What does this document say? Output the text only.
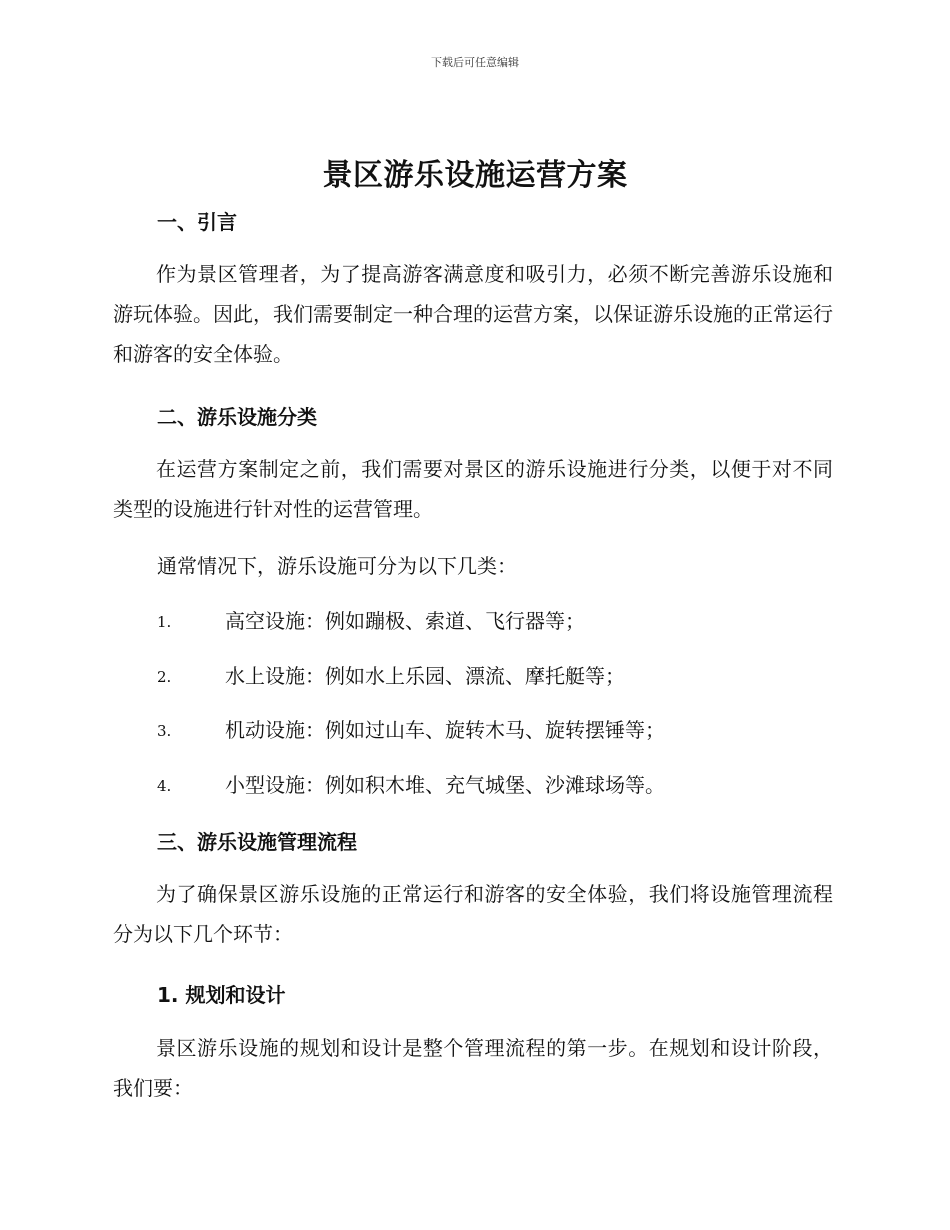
下载后可任意编辑
景区游乐设施运营方案
一、引言

作为景区管理者，为了提高游客满意度和吸引力，必须不断完善游乐设施和游玩体验。因此，我们需要制定一种合理的运营方案，以保证游乐设施的正常运行和游客的安全体验。

二、游乐设施分类

在运营方案制定之前，我们需要对景区的游乐设施进行分类，以便于对不同类型的设施进行针对性的运营管理。

通常情况下，游乐设施可分为以下几类：

1.	高空设施：例如蹦极、索道、飞行器等；
2.	水上设施：例如水上乐园、漂流、摩托艇等；
3.	机动设施：例如过山车、旋转木马、旋转摆锤等；
4.	小型设施：例如积木堆、充气城堡、沙滩球场等。
三、游乐设施管理流程

为了确保景区游乐设施的正常运行和游客的安全体验，我们将设施管理流程分为以下几个环节：

1. 规划和设计

景区游乐设施的规划和设计是整个管理流程的第一步。在规划和设计阶段，我们要：
